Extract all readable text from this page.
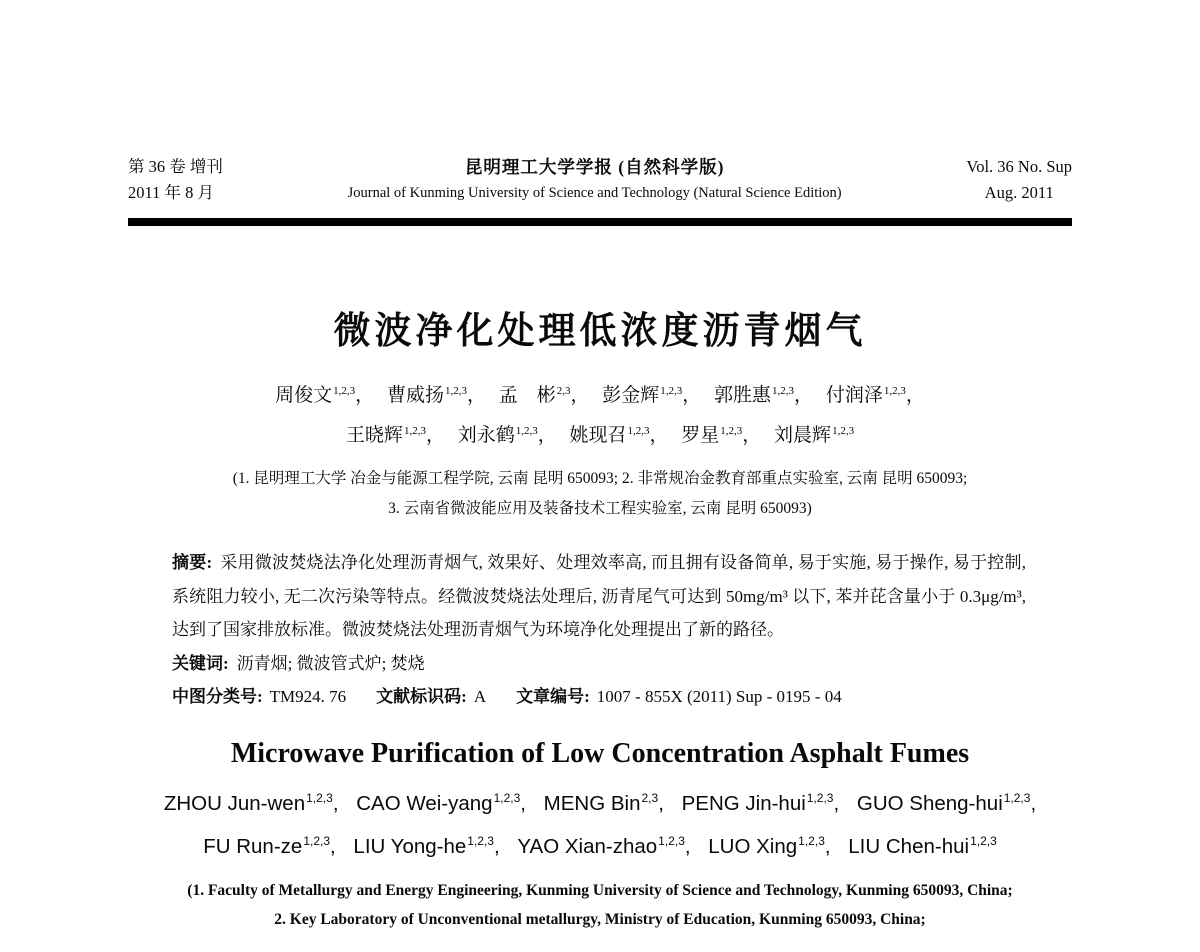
第 36 卷 增刊
2011 年 8 月
昆明理工大学学报 (自然科学版)
Journal of Kunming University of Science and Technology (Natural Science Edition)
Vol. 36 No. Sup
Aug. 2011
微波净化处理低浓度沥青烟气
周俊文$^{1,2,3}$， 曹威扬$^{1,2,3}$， 孟　彬$^{2,3}$， 彭金辉$^{1,2,3}$， 郭胜惠$^{1,2,3}$， 付润泽$^{1,2,3}$，
王晓辉$^{1,2,3}$， 刘永鹤$^{1,2,3}$， 姚现召$^{1,2,3}$， 罗星$^{1,2,3}$， 刘晨辉$^{1,2,3}$
(1. 昆明理工大学 冶金与能源工程学院, 云南 昆明 650093; 2. 非常规冶金教育部重点实验室, 云南 昆明 650093;
3. 云南省微波能应用及装备技术工程实验室, 云南 昆明 650093)

摘要: 采用微波焚烧法净化处理沥青烟气, 效果好、处理效率高, 而且拥有设备简单, 易于实施, 易于操作, 易于控制, 系统阻力较小, 无二次污染等特点。经微波焚烧法处理后, 沥青尾气可达到 50mg/m³ 以下, 苯并芘含量小于 0.3μg/m³, 达到了国家排放标准。微波焚烧法处理沥青烟气为环境净化处理提出了新的路径。

关键词: 沥青烟; 微波管式炉; 焚烧

中图分类号: TM924. 76 文献标识码: A 文章编号: 1007 - 855X (2011) Sup - 0195 - 04

Microwave Purification of Low Concentration Asphalt Fumes
ZHOU Jun-wen$^{1,2,3}$, CAO Wei-yang$^{1,2,3}$, MENG Bin$^{2,3}$, PENG Jin-hui$^{1,2,3}$, GUO Sheng-hui$^{1,2,3}$,
FU Run-ze$^{1,2,3}$, LIU Yong-he$^{1,2,3}$, YAO Xian-zhao$^{1,2,3}$, LUO Xing$^{1,2,3}$, LIU Chen-hui$^{1,2,3}$
(1. Faculty of Metallurgy and Energy Engineering, Kunming University of Science and Technology, Kunming 650093, China;
2. Key Laboratory of Unconventional metallurgy, Ministry of Education, Kunming 650093, China;
